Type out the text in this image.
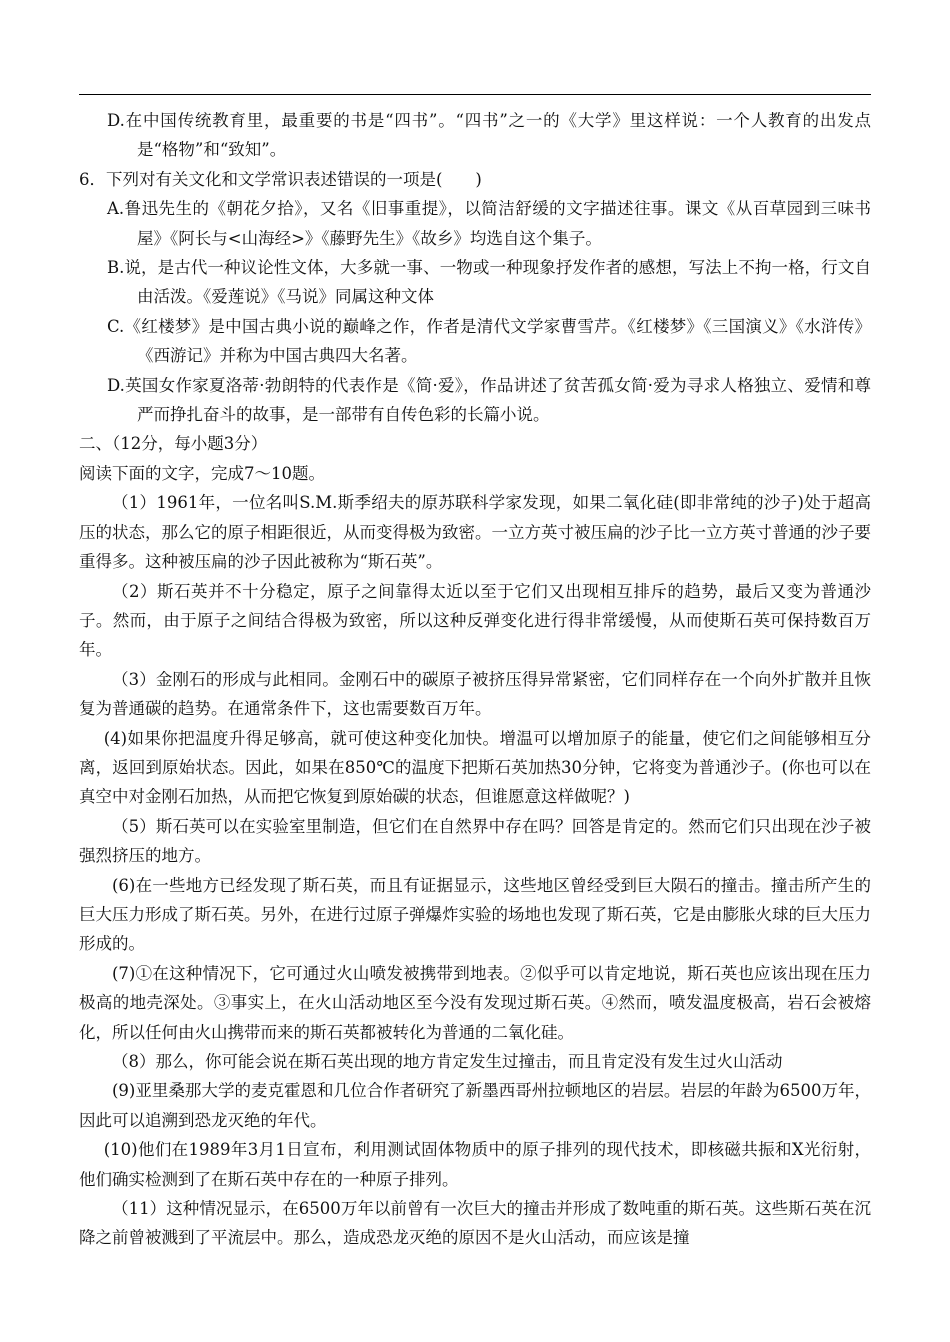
D.在中国传统教育里，最重要的书是“四书”。“四书”之一的《大学》里这样说：一个人教育的出发点是“格物”和“致知”。

6．下列对有关文化和文学常识表述错误的一项是(　　)

A.鲁迅先生的《朝花夕拾》，又名《旧事重提》，以简洁舒缓的文字描述往事。课文《从百草园到三味书屋》《阿长与<山海经>》《藤野先生》《故乡》均选自这个集子。

B.说，是古代一种议论性文体，大多就一事、一物或一种现象抒发作者的感想，写法上不拘一格，行文自由活泼。《爱莲说》《马说》同属这种文体

C.《红楼梦》是中国古典小说的巅峰之作，作者是清代文学家曹雪芹。《红楼梦》《三国演义》《水浒传》《西游记》并称为中国古典四大名著。

D.英国女作家夏洛蒂·勃朗特的代表作是《简·爱》，作品讲述了贫苦孤女简·爱为寻求人格独立、爱情和尊严而挣扎奋斗的故事，是一部带有自传色彩的长篇小说。

二、（12分，每小题3分）

阅读下面的文字，完成7～10题。

（1）1961年，一位名叫S.M.斯季绍夫的原苏联科学家发现，如果二氧化硅(即非常纯的沙子)处于超高压的状态，那么它的原子相距很近，从而变得极为致密。一立方英寸被压扁的沙子比一立方英寸普通的沙子要重得多。这种被压扁的沙子因此被称为“斯石英”。

（2）斯石英并不十分稳定，原子之间靠得太近以至于它们又出现相互排斥的趋势，最后又变为普通沙子。然而，由于原子之间结合得极为致密，所以这种反弹变化进行得非常缓慢，从而使斯石英可保持数百万年。

（3）金刚石的形成与此相同。金刚石中的碳原子被挤压得异常紧密，它们同样存在一个向外扩散并且恢复为普通碳的趋势。在通常条件下，这也需要数百万年。

(4)如果你把温度升得足够高，就可使这种变化加快。增温可以增加原子的能量，使它们之间能够相互分离，返回到原始状态。因此，如果在850℃的温度下把斯石英加热30分钟，它将变为普通沙子。(你也可以在真空中对金刚石加热，从而把它恢复到原始碳的状态，但谁愿意这样做呢？)

（5）斯石英可以在实验室里制造，但它们在自然界中存在吗？回答是肯定的。然而它们只出现在沙子被强烈挤压的地方。

(6)在一些地方已经发现了斯石英，而且有证据显示，这些地区曾经受到巨大陨石的撞击。撞击所产生的巨大压力形成了斯石英。另外，在进行过原子弹爆炸实验的场地也发现了斯石英，它是由膨胀火球的巨大压力形成的。

(7)①在这种情况下，它可通过火山喷发被携带到地表。②似乎可以肯定地说，斯石英也应该出现在压力极高的地壳深处。③事实上，在火山活动地区至今没有发现过斯石英。④然而，喷发温度极高，岩石会被熔化，所以任何由火山携带而来的斯石英都被转化为普通的二氧化硅。

（8）那么，你可能会说在斯石英出现的地方肯定发生过撞击，而且肯定没有发生过火山活动

(9)亚里桑那大学的麦克霍恩和几位合作者研究了新墨西哥州拉顿地区的岩层。岩层的年龄为6500万年，因此可以追溯到恐龙灭绝的年代。

(10)他们在1989年3月1日宣布，利用测试固体物质中的原子排列的现代技术，即核磁共振和X光衍射，他们确实检测到了在斯石英中存在的一种原子排列。

（11）这种情况显示，在6500万年以前曾有一次巨大的撞击并形成了数吨重的斯石英。这些斯石英在沉降之前曾被溅到了平流层中。那么，造成恐龙灭绝的原因不是火山活动，而应该是撞
